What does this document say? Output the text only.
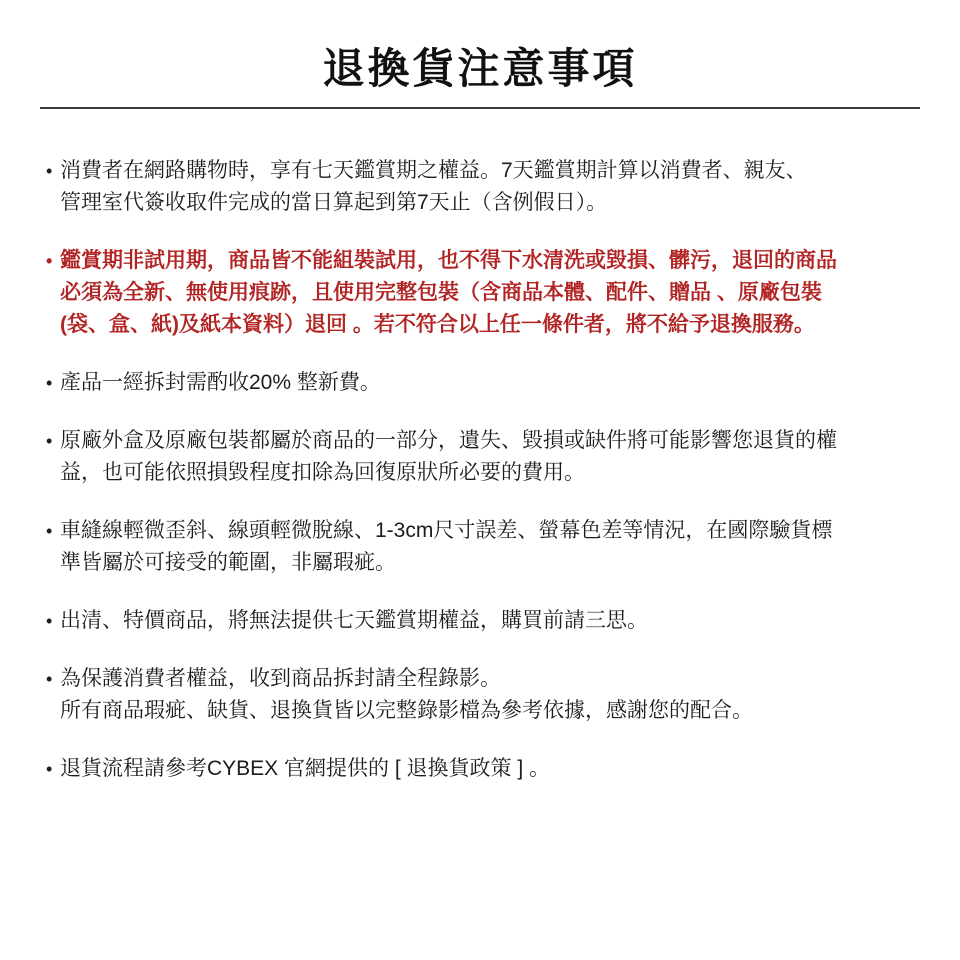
退換貨注意事項
• 消費者在網路購物時，享有七天鑑賞期之權益。7天鑑賞期計算以消費者、親友、
管理室代簽收取件完成的當日算起到第7天止（含例假日）。
• 鑑賞期非試用期，商品皆不能組裝試用，也不得下水清洗或毀損、髒污，退回的商品
必須為全新、無使用痕跡，且使用完整包裝（含商品本體、配件、贈品 、原廠包裝
(袋、盒、紙)及紙本資料）退回 。若不符合以上任一條件者，將不給予退換服務。
• 產品一經拆封需酌收20% 整新費。
• 原廠外盒及原廠包裝都屬於商品的一部分，遺失、毀損或缺件將可能影響您退貨的權
益，也可能依照損毀程度扣除為回復原狀所必要的費用。
• 車縫線輕微歪斜、線頭輕微脫線、1-3cm尺寸誤差、螢幕色差等情況，在國際驗貨標
準皆屬於可接受的範圍，非屬瑕疵。
• 出清、特價商品，將無法提供七天鑑賞期權益，購買前請三思。
• 為保護消費者權益，收到商品拆封請全程錄影。
所有商品瑕疵、缺貨、退換貨皆以完整錄影檔為參考依據，感謝您的配合。
• 退貨流程請參考CYBEX 官網提供的 [ 退換貨政策 ] 。
